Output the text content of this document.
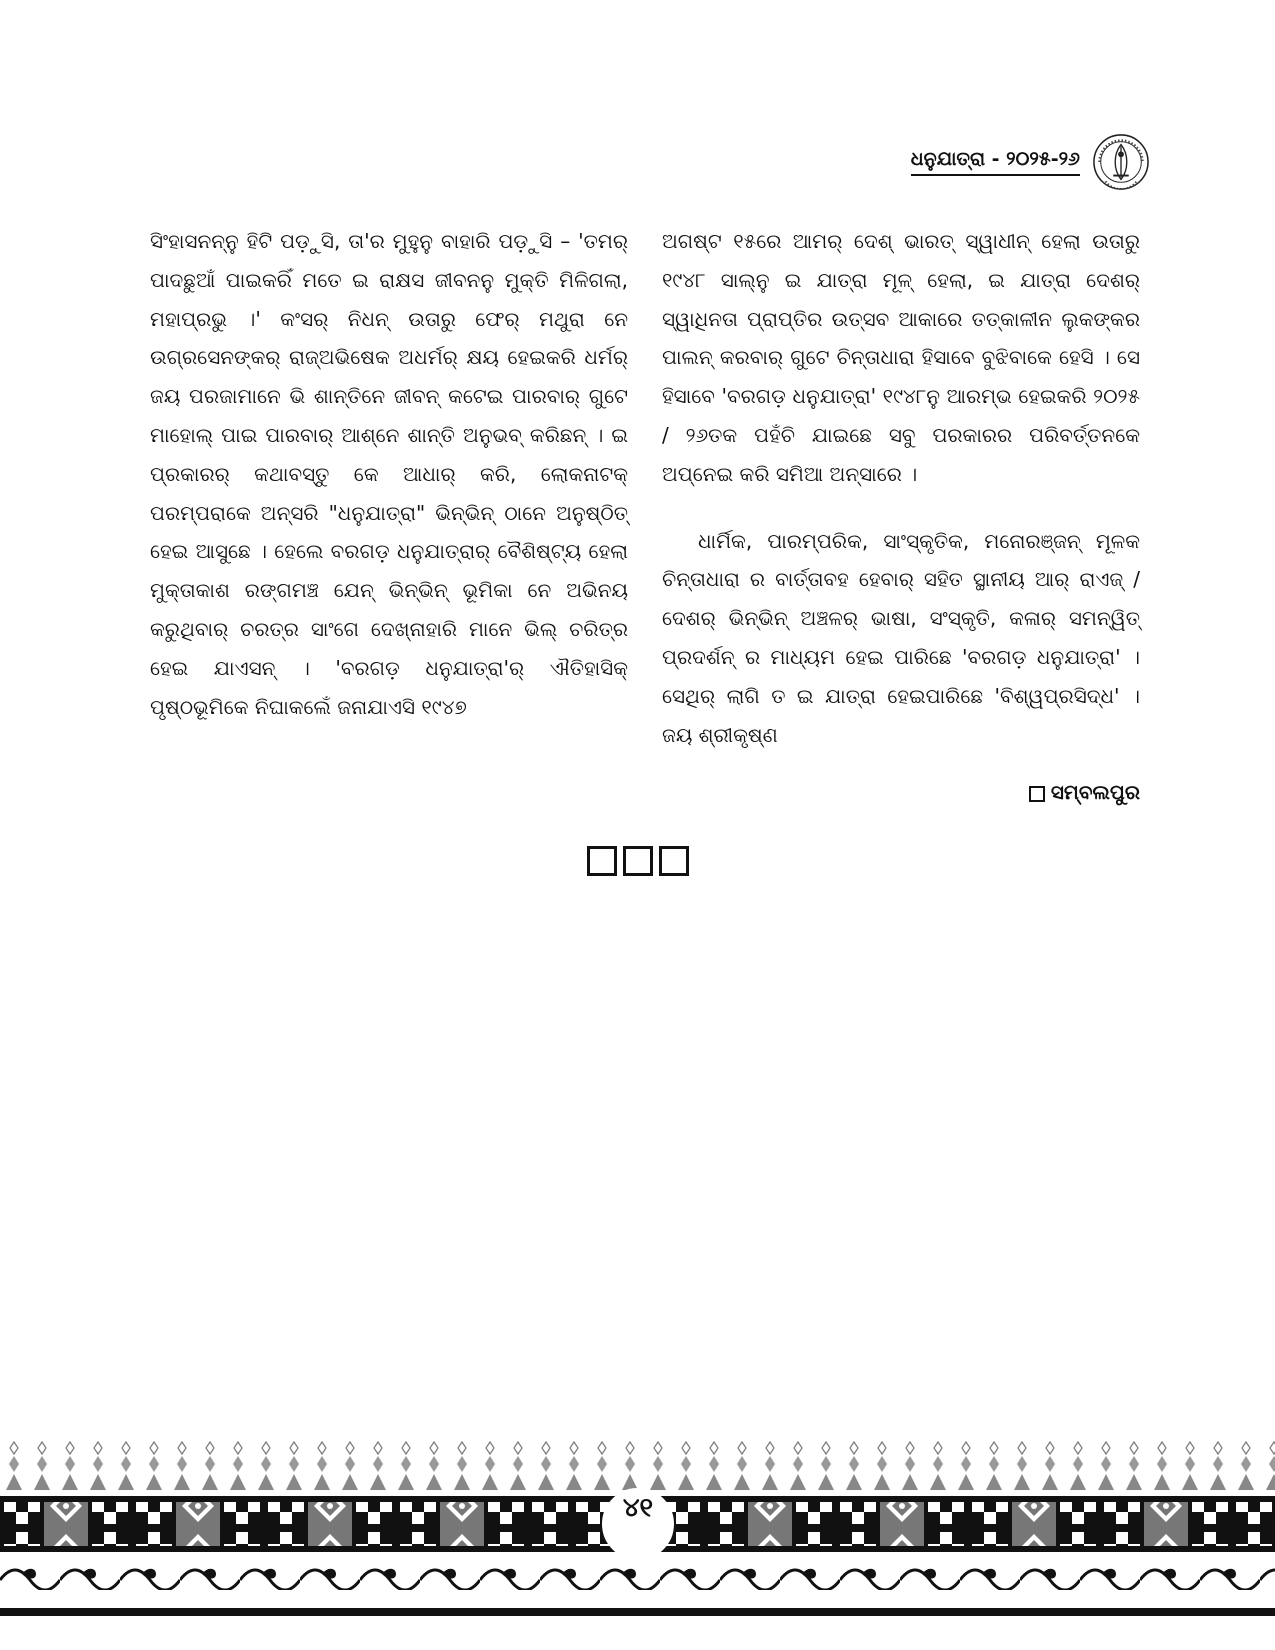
ଧନୁଯାତ୍ରା - ୨୦୨୫-୨୬

ସିଂହାସନନ୍ନୁ ହିଟି ପଡ଼ୁସି, ତା'ର ମୁହୁନୁ ବାହାରି ପଡ଼ୁସି – 'ତମର୍ ପାଦଛୁଆଁ ପାଇକରିଁ ମତେ ଇ ରାକ୍ଷସ ଜୀବନନୁ ମୁକ୍ତି ମିଳିଗଲା, ମହାପ୍ରଭୁ ।' କଂସର୍ ନିଧନ୍ ଉତାରୁ ଫେର୍ ମଥୁରା ନେ ଉଗ୍ରସେନଙ୍କର୍ ରାଜ୍ଅଭିଷେକ ଅଧର୍ମର୍ କ୍ଷୟ ହେଇକରି ଧର୍ମର୍ ଜୟ ପରଜାମାନେ ଭି ଶାନ୍ତିନେ ଜୀବନ୍ କଟେଇ ପାରବାର୍ ଗୁଟେ ମାହୋଲ୍ ପାଇ ପାରବାର୍ ଆଶ୍ନେ ଶାନ୍ତି ଅନୁଭବ୍ କରିଛନ୍ । ଇ ପ୍ରକାରର୍ କଥାବସ୍ତୁ କେ ଆଧାର୍ କରି, ଲୋକନାଟକ୍ ପରମ୍ପରାକେ ଅନ୍ସରି "ଧନୁଯାତ୍ରା" ଭିନ୍‌ଭିନ୍ ଠାନେ ଅନୁଷ୍ଠିତ୍ ହେଇ ଆସୁଛେ । ହେଲେ ବରଗଡ଼ ଧନୁଯାତ୍ରାର୍ ବୈଶିଷ୍ଟ୍ୟ ହେଲା ମୁକ୍ତାକାଶ ରଙ୍ଗମଞ୍ଚ ଯେନ୍ ଭିନ୍‌ଭିନ୍ ଭୂମିକା ନେ ଅଭିନୟ କରୁଥିବାର୍ ଚରତ୍ର ସାଂଗେ ଦେଖ୍ନାହାରି ମାନେ ଭିଲ୍ ଚରିତ୍ର ହେଇ ଯାଏସନ୍ । 'ବରଗଡ଼ ଧନୁଯାତ୍ରା'ର୍ ଐତିହାସିକ୍ ପୃଷ୍ଠଭୂମିକେ ନିଘାକଲେଁ ଜନାଯାଏସି ୧୯୪୭

ଅଗଷ୍ଟ ୧୫ରେ ଆମର୍ ଦେଶ୍ ଭାରତ୍ ସ୍ୱାଧୀନ୍ ହେଲା ଉତାରୁ ୧୯୪୮ ସାଲ୍‌ନୁ ଇ ଯାତ୍ରା ମୂଳ୍ ହେଲା, ଇ ଯାତ୍ରା ଦେଶର୍ ସ୍ୱାଧିନତା ପ୍ରାପ୍ତିର ଉତ୍ସବ ଆକାରେ ତତ୍‌କାଳୀନ ଲୁକଙ୍କର ପାଲନ୍ କରବାର୍ ଗୁଟେ ଚିନ୍ତାଧାରା ହିସାବେ ବୁଝିବାକେ ହେସି । ସେ ହିସାବେ 'ବରଗଡ଼ ଧନୁଯାତ୍ରା' ୧୯୪୮ନୁ ଆରମ୍ଭ ହେଇକରି ୨୦୨୫ / ୨୬ତକ ପହଁଚି ଯାଇଛେ ସବୁ ପରକାରର ପରିବର୍ତ୍ତନକେ ଅପ୍‌ନେଇ କରି ସମିଆ ଅନ୍‌ସାରେ ।

ଧାର୍ମିକ, ପାରମ୍ପରିକ, ସାଂସ୍କୃତିକ, ମନୋରଞ୍ଜନ୍ ମୂଳକ ଚିନ୍ତାଧାରା ର ବାର୍ତ୍ତାବହ ହେବାର୍ ସହିତ ସ୍ଥାନୀୟ ଆର୍ ରାଏଜ୍ / ଦେଶର୍ ଭିନ୍‌ଭିନ୍ ଅଞ୍ଚଳର୍ ଭାଷା, ସଂସ୍କୃତି, କଳାର୍ ସମନ୍ୱିତ୍ ପ୍ରଦର୍ଶନ୍ ର ମାଧ୍ୟମ ହେଇ ପାରିଛେ 'ବରଗଡ଼ ଧନୁଯାତ୍ରା' । ସେଥିର୍ ଲାଗି ତ ଇ ଯାତ୍ରା ହେଇପାରିଛେ 'ବିଶ୍ୱପ୍ରସିଦ୍ଧ' । ଜୟ ଶ୍ରୀକୃଷ୍ଣ

ସମ୍ବଲପୁର
୪୧
